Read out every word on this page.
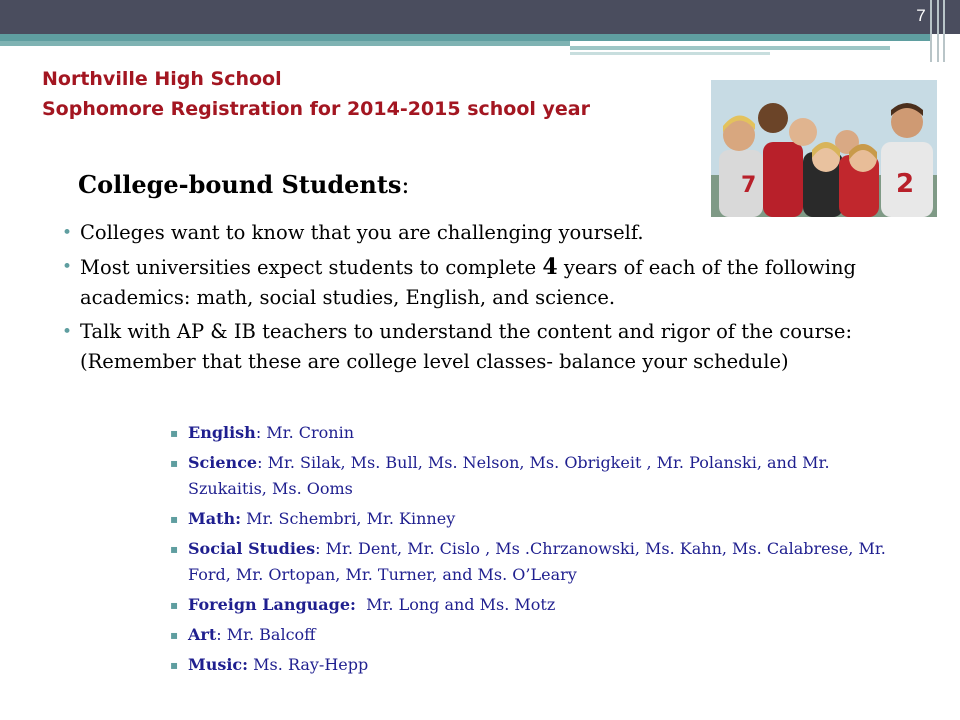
7
Northville High School
Sophomore Registration for 2014-2015 school year
2
7
College-bound Students:
• Colleges want to know that you are challenging yourself.
• Most universities expect students to complete 4 years of each of the following academics: math, social studies, English, and science.
• Talk with AP & IB teachers to understand the content and rigor of the course: (Remember that these are college level classes- balance your schedule)
▪ English: Mr. Cronin
▪ Science: Mr. Silak, Ms. Bull, Ms. Nelson, Ms. Obrigkeit , Mr. Polanski, and Mr. Szukaitis, Ms. Ooms
▪ Math: Mr. Schembri, Mr. Kinney
▪ Social Studies: Mr. Dent, Mr. Cislo , Ms .Chrzanowski, Ms. Kahn, Ms. Calabrese, Mr. Ford, Mr. Ortopan, Mr. Turner, and Ms. O’Leary
▪ Foreign Language: Mr. Long and Ms. Motz
▪ Art: Mr. Balcoff
▪ Music: Ms. Ray-Hepp
